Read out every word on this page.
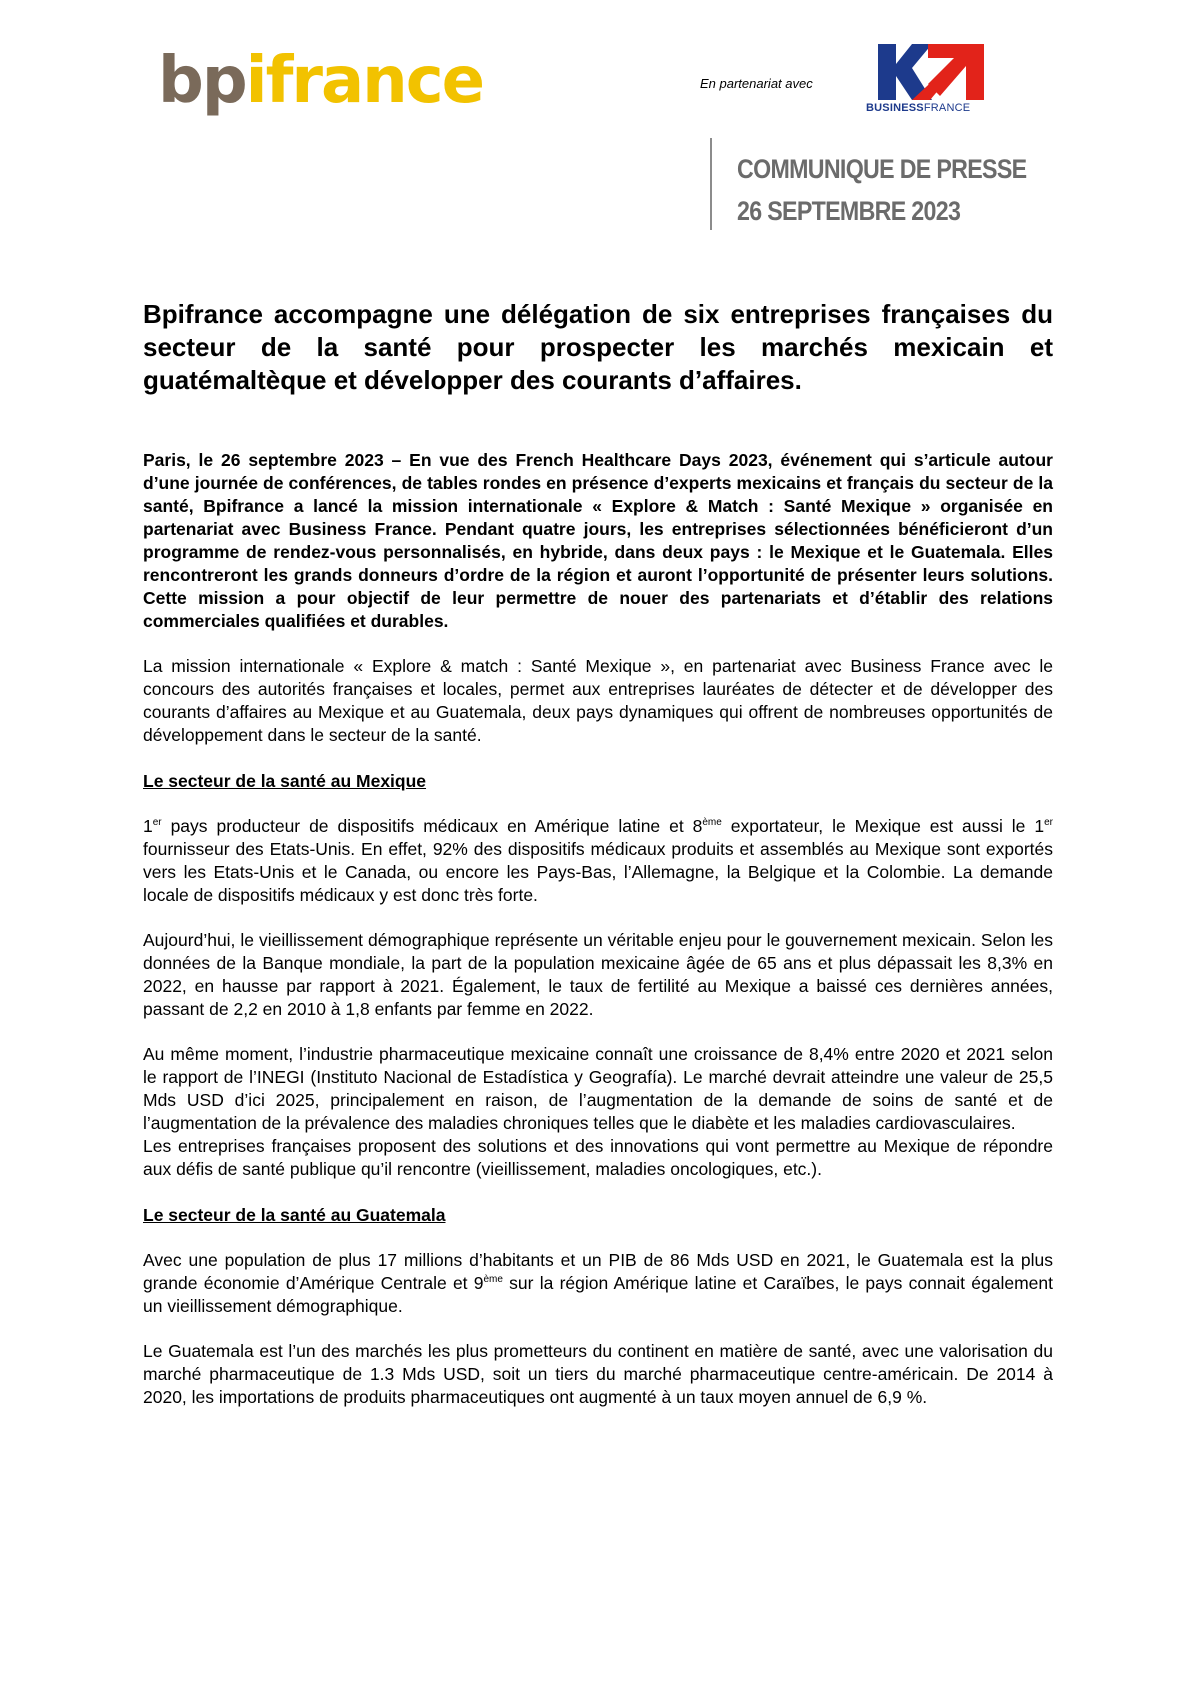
bpifrance	En partenariat avec
BUSINESSFRANCE
COMMUNIQUE DE PRESSE
26 SEPTEMBRE 2023
Bpifrance accompagne une délégation de six entreprises françaises du secteur de la santé pour prospecter les marchés mexicain et guatémaltèque et développer des courants d’affaires.

Paris, le 26 septembre 2023 – En vue des French Healthcare Days 2023, événement qui s’articule autour d’une journée de conférences, de tables rondes en présence d’experts mexicains et français du secteur de la santé, Bpifrance a lancé la mission internationale « Explore & Match : Santé Mexique » organisée en partenariat avec Business France. Pendant quatre jours, les entreprises sélectionnées bénéficieront d’un programme de rendez-vous personnalisés, en hybride, dans deux pays : le Mexique et le Guatemala. Elles rencontreront les grands donneurs d’ordre de la région et auront l’opportunité de présenter leurs solutions. Cette mission a pour objectif de leur permettre de nouer des partenariats et d’établir des relations commerciales qualifiées et durables.

La mission internationale « Explore & match : Santé Mexique », en partenariat avec Business France avec le concours des autorités françaises et locales, permet aux entreprises lauréates de détecter et de développer des courants d’affaires au Mexique et au Guatemala, deux pays dynamiques qui offrent de nombreuses opportunités de développement dans le secteur de la santé.

Le secteur de la santé au Mexique

1er pays producteur de dispositifs médicaux en Amérique latine et 8ème exportateur, le Mexique est aussi le 1er fournisseur des Etats-Unis. En effet, 92% des dispositifs médicaux produits et assemblés au Mexique sont exportés vers les Etats-Unis et le Canada, ou encore les Pays-Bas, l’Allemagne, la Belgique et la Colombie. La demande locale de dispositifs médicaux y est donc très forte.

Aujourd’hui, le vieillissement démographique représente un véritable enjeu pour le gouvernement mexicain. Selon les données de la Banque mondiale, la part de la population mexicaine âgée de 65 ans et plus dépassait les 8,3% en 2022, en hausse par rapport à 2021. Également, le taux de fertilité au Mexique a baissé ces dernières années, passant de 2,2 en 2010 à 1,8 enfants par femme en 2022.

Au même moment, l’industrie pharmaceutique mexicaine connaît une croissance de 8,4% entre 2020 et 2021 selon le rapport de l’INEGI (Instituto Nacional de Estadística y Geografía). Le marché devrait atteindre une valeur de 25,5 Mds USD d’ici 2025, principalement en raison, de l’augmentation de la demande de soins de santé et de l’augmentation de la prévalence des maladies chroniques telles que le diabète et les maladies cardiovasculaires.

Les entreprises françaises proposent des solutions et des innovations qui vont permettre au Mexique de répondre aux défis de santé publique qu’il rencontre (vieillissement, maladies oncologiques, etc.).

Le secteur de la santé au Guatemala

Avec une population de plus 17 millions d’habitants et un PIB de 86 Mds USD en 2021, le Guatemala est la plus grande économie d’Amérique Centrale et 9ème sur la région Amérique latine et Caraïbes, le pays connait également un vieillissement démographique.

Le Guatemala est l’un des marchés les plus prometteurs du continent en matière de santé, avec une valorisation du marché pharmaceutique de 1.3 Mds USD, soit un tiers du marché pharmaceutique centre-américain. De 2014 à 2020, les importations de produits pharmaceutiques ont augmenté à un taux moyen annuel de 6,9 %.
